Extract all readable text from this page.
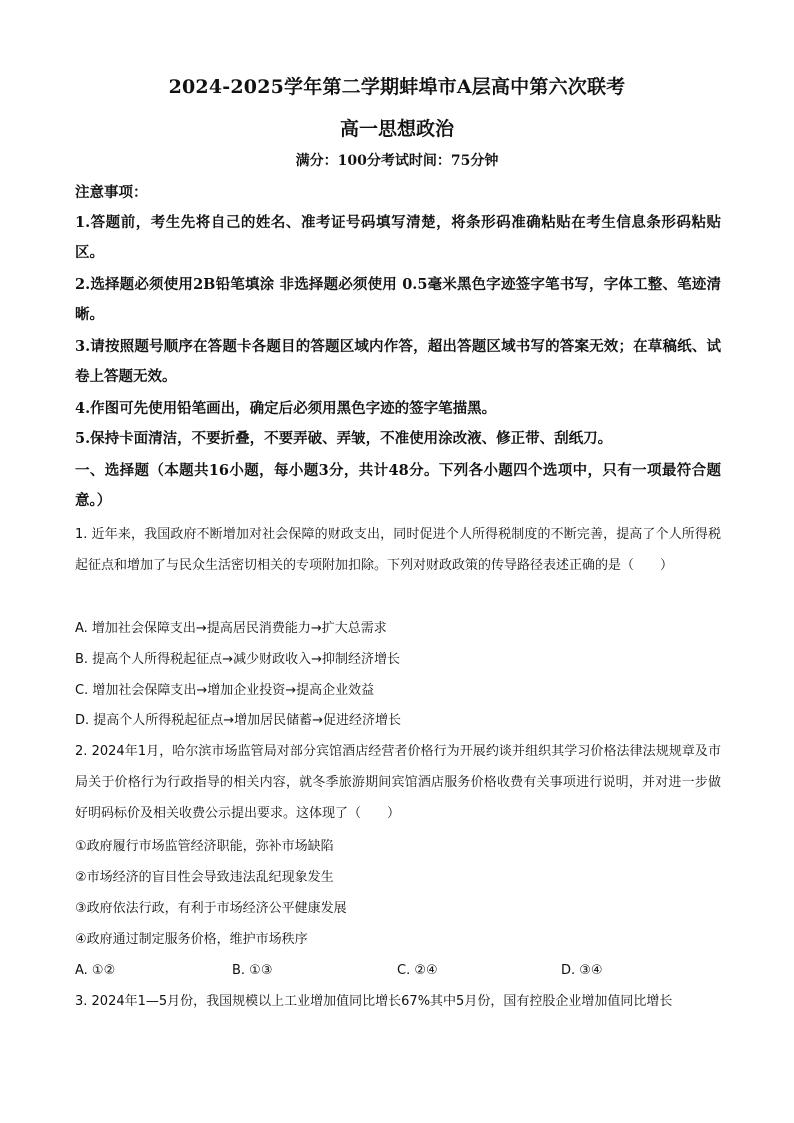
2024-2025学年第二学期蚌埠市A层高中第六次联考
高一思想政治
满分：100分考试时间：75分钟
注意事项：
1.答题前，考生先将自己的姓名、准考证号码填写清楚，将条形码准确粘贴在考生信息条形码粘贴区。
2.选择题必须使用2B铅笔填涂 非选择题必须使用 0.5毫米黑色字迹签字笔书写，字体工整、笔迹清晰。
3.请按照题号顺序在答题卡各题目的答题区域内作答，超出答题区域书写的答案无效；在草稿纸、试卷上答题无效。
4.作图可先使用铅笔画出，确定后必须用黑色字迹的签字笔描黑。
5.保持卡面清洁，不要折叠，不要弄破、弄皱，不准使用涂改液、修正带、刮纸刀。
一、选择题（本题共16小题，每小题3分，共计48分。下列各小题四个选项中，只有一项最符合题意。）
1. 近年来，我国政府不断增加对社会保障的财政支出，同时促进个人所得税制度的不断完善，提高了个人所得税起征点和增加了与民众生活密切相关的专项附加扣除。下列对财政政策的传导路径表述正确的是（　　）
A. 增加社会保障支出→提高居民消费能力→扩大总需求
B. 提高个人所得税起征点→减少财政收入→抑制经济增长
C. 增加社会保障支出→增加企业投资→提高企业效益
D. 提高个人所得税起征点→增加居民储蓄→促进经济增长
2. 2024年1月，哈尔滨市场监管局对部分宾馆酒店经营者价格行为开展约谈并组织其学习价格法律法规规章及市局关于价格行为行政指导的相关内容，就冬季旅游期间宾馆酒店服务价格收费有关事项进行说明，并对进一步做好明码标价及相关收费公示提出要求。这体现了（　　）
①政府履行市场监管经济职能，弥补市场缺陷
②市场经济的盲目性会导致违法乱纪现象发生
③政府依法行政，有利于市场经济公平健康发展
④政府通过制定服务价格，维护市场秩序
A. ①②	B. ①③	C. ②④	D. ③④
3. 2024年1—5月份，我国规模以上工业增加值同比增长67%其中5月份，国有控股企业增加值同比增长
